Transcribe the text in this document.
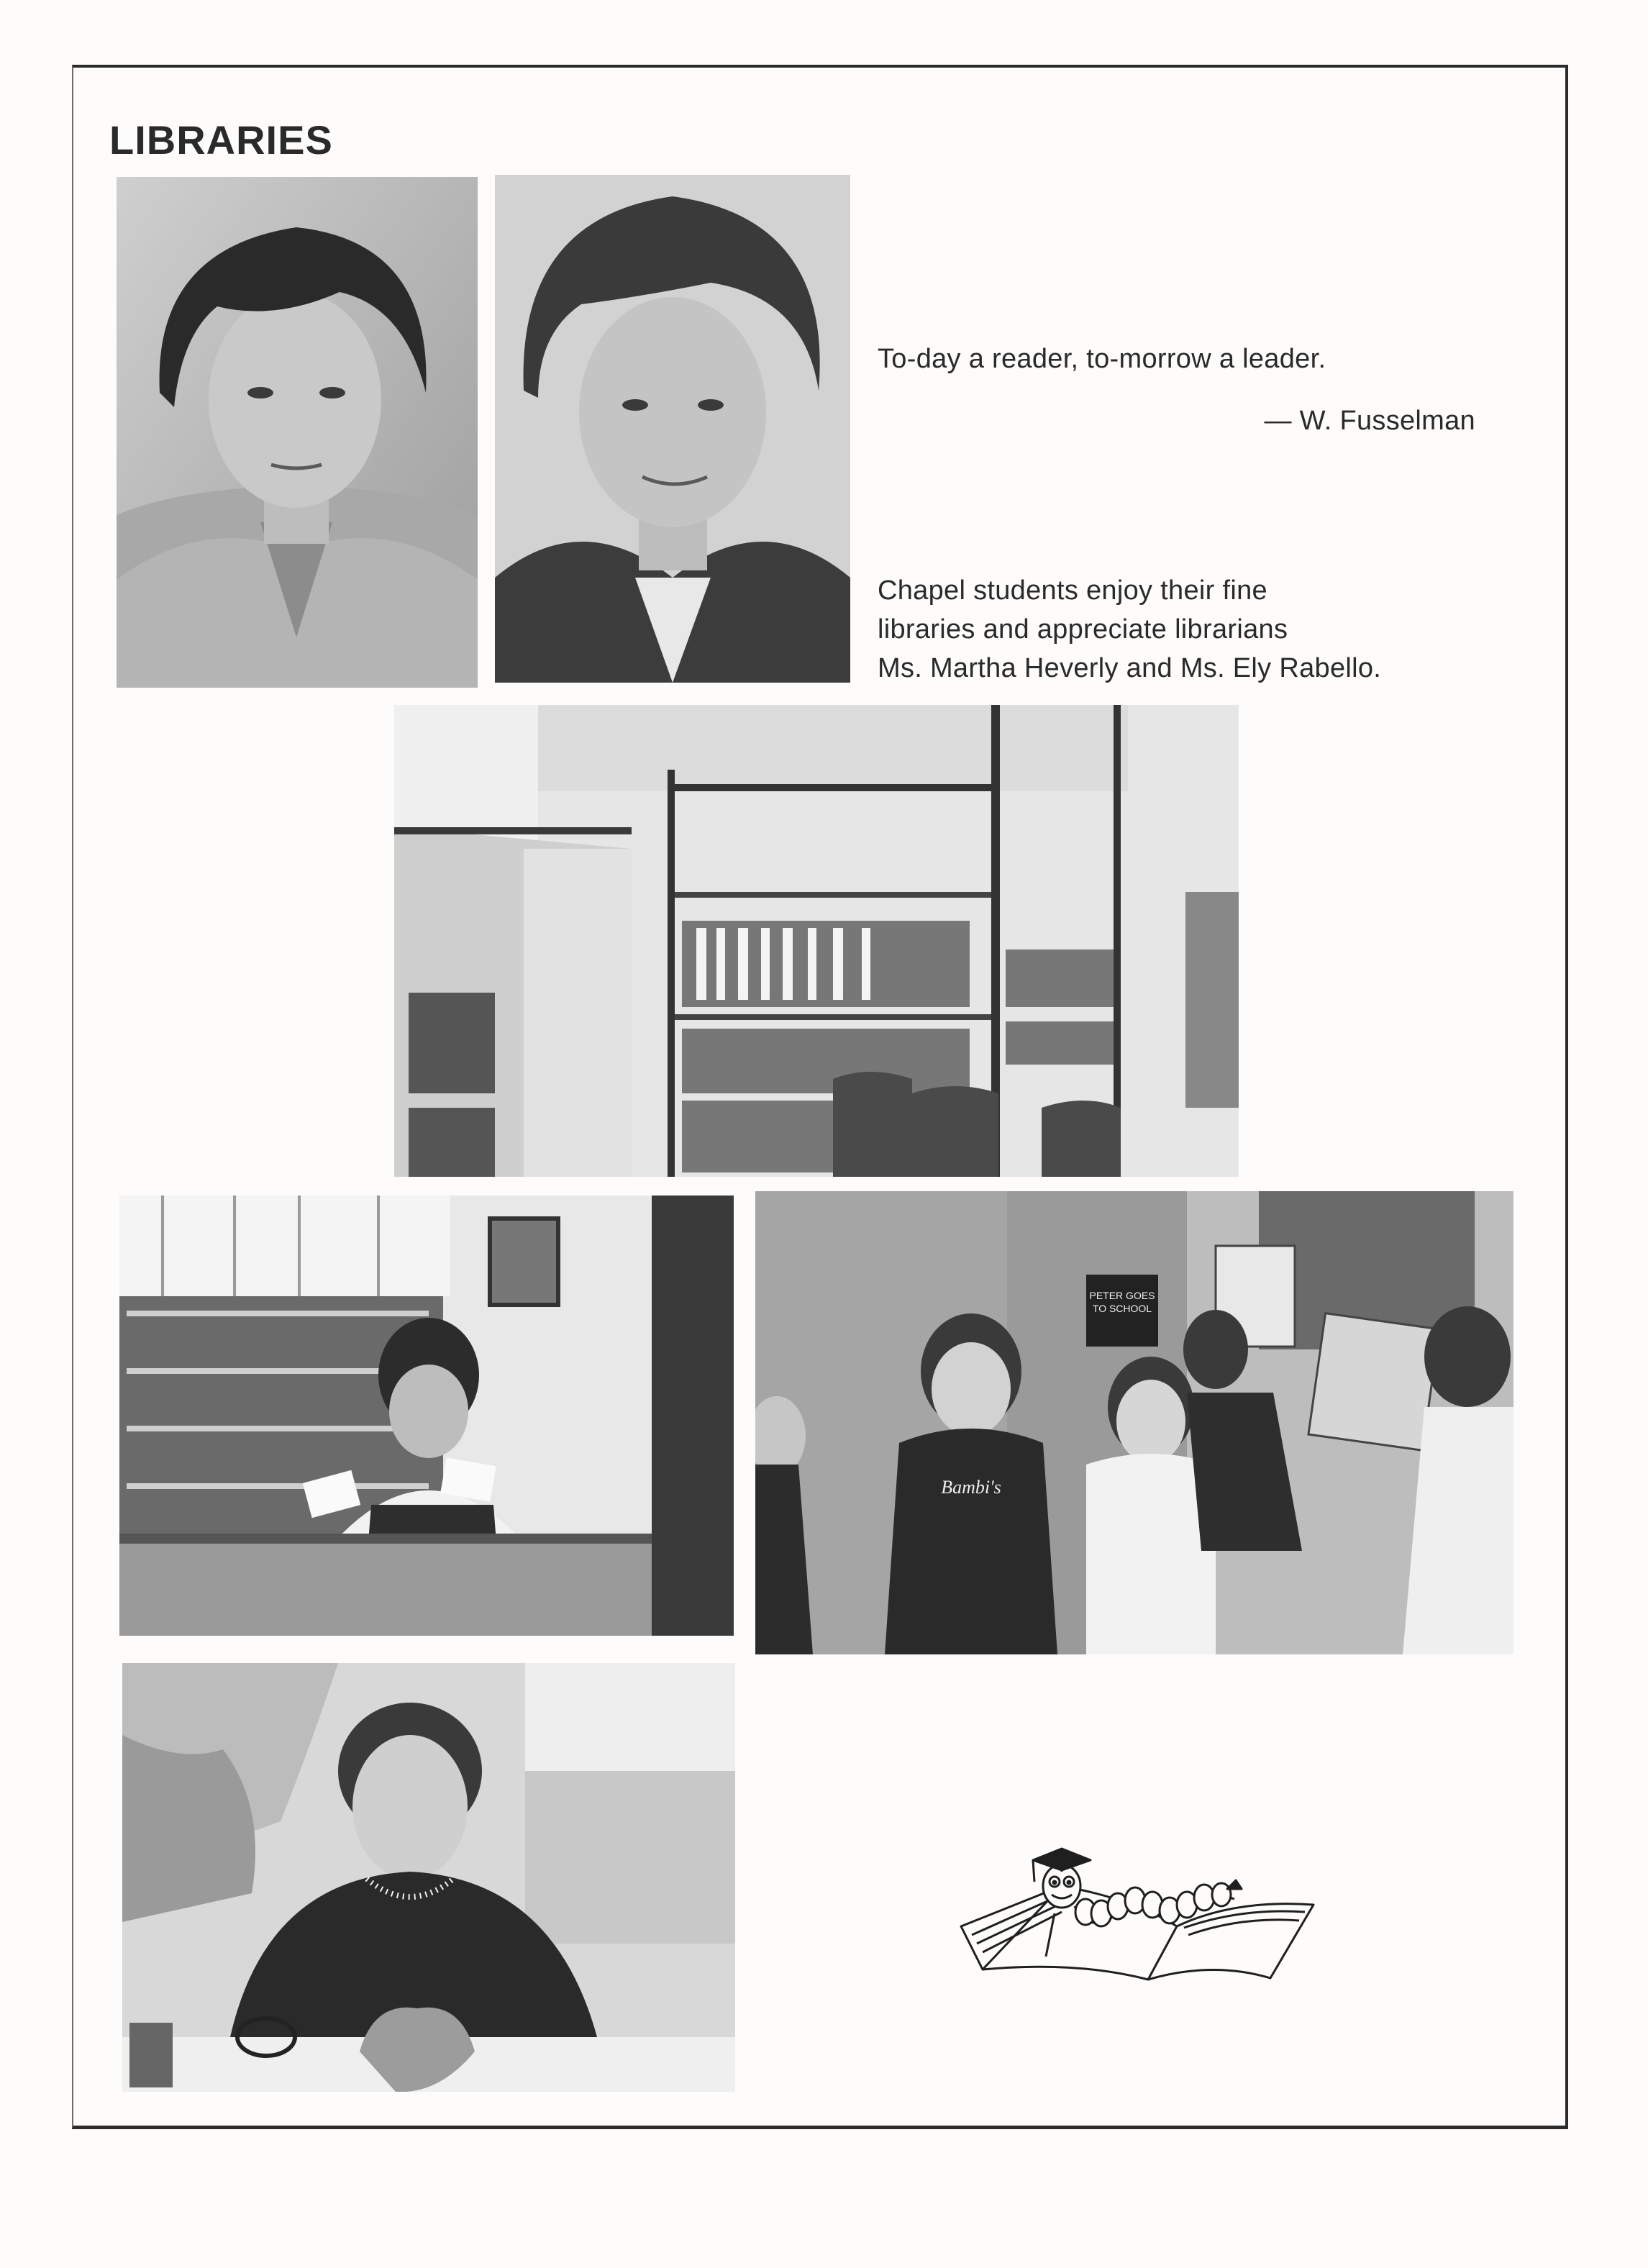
LIBRARIES

To-day a reader, to-morrow a leader.

— W. Fusselman

Chapel students enjoy their fine
libraries and appreciate librarians
Ms. Martha Heverly and Ms. Ely Rabello.
PETER GOES
TO SCHOOL
Bambi's
